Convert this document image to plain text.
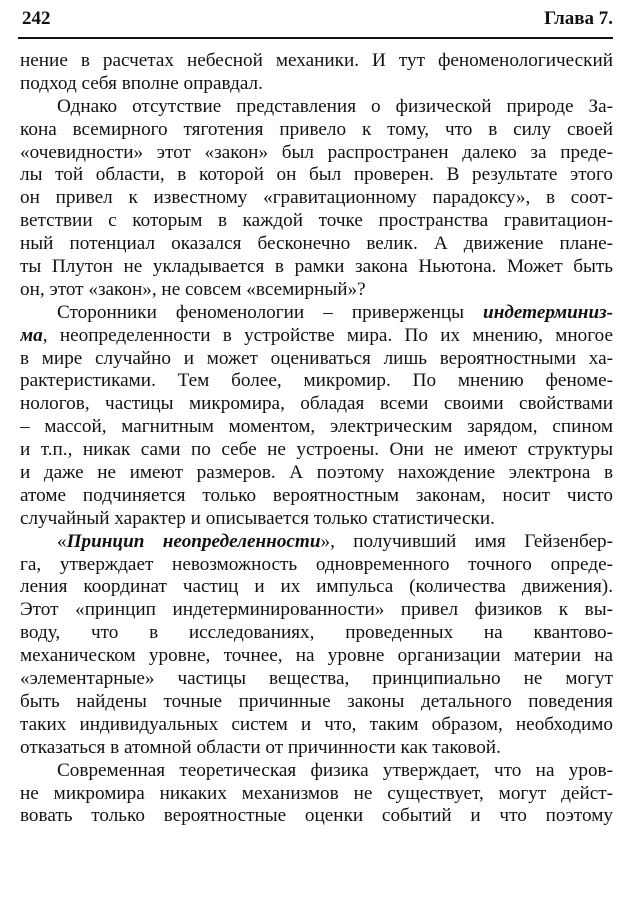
242	Глава 7.
нение в расчетах небесной механики. И тут феноменологический
подход себя вполне оправдал.
Однако отсутствие представления о физической природе За-
кона всемирного тяготения привело к тому, что в силу своей
«очевидности» этот «закон» был распространен далеко за преде-
лы той области, в которой он был проверен. В результате этого
он привел к известному «гравитационному парадоксу», в соот-
ветствии с которым в каждой точке пространства гравитацион-
ный потенциал оказался бесконечно велик. А движение плане-
ты Плутон не укладывается в рамки закона Ньютона. Может быть
он, этот «закон», не совсем «всемирный»?
Сторонники феноменологии – приверженцы индетерминиз-
ма, неопределенности в устройстве мира. По их мнению, многое
в мире случайно и может оцениваться лишь вероятностными ха-
рактеристиками. Тем более, микромир. По мнению феноме-
нологов, частицы микромира, обладая всеми своими свойствами
– массой, магнитным моментом, электрическим зарядом, спином
и т.п., никак сами по себе не устроены. Они не имеют структуры
и даже не имеют размеров. А поэтому нахождение электрона в
атоме подчиняется только вероятностным законам, носит чисто
случайный характер и описывается только статистически.
«Принцип неопределенности», получивший имя Гейзенбер-
га, утверждает невозможность одновременного точного опреде-
ления координат частиц и их импульса (количества движения).
Этот «принцип индетерминированности» привел физиков к вы-
воду, что в исследованиях, проведенных на квантово-
механическом уровне, точнее, на уровне организации материи на
«элементарные» частицы вещества, принципиально не могут
быть найдены точные причинные законы детального поведения
таких индивидуальных систем и что, таким образом, необходимо
отказаться в атомной области от причинности как таковой.
Современная теоретическая физика утверждает, что на уров-
не микромира никаких механизмов не существует, могут дейст-
вовать только вероятностные оценки событий и что поэтому
